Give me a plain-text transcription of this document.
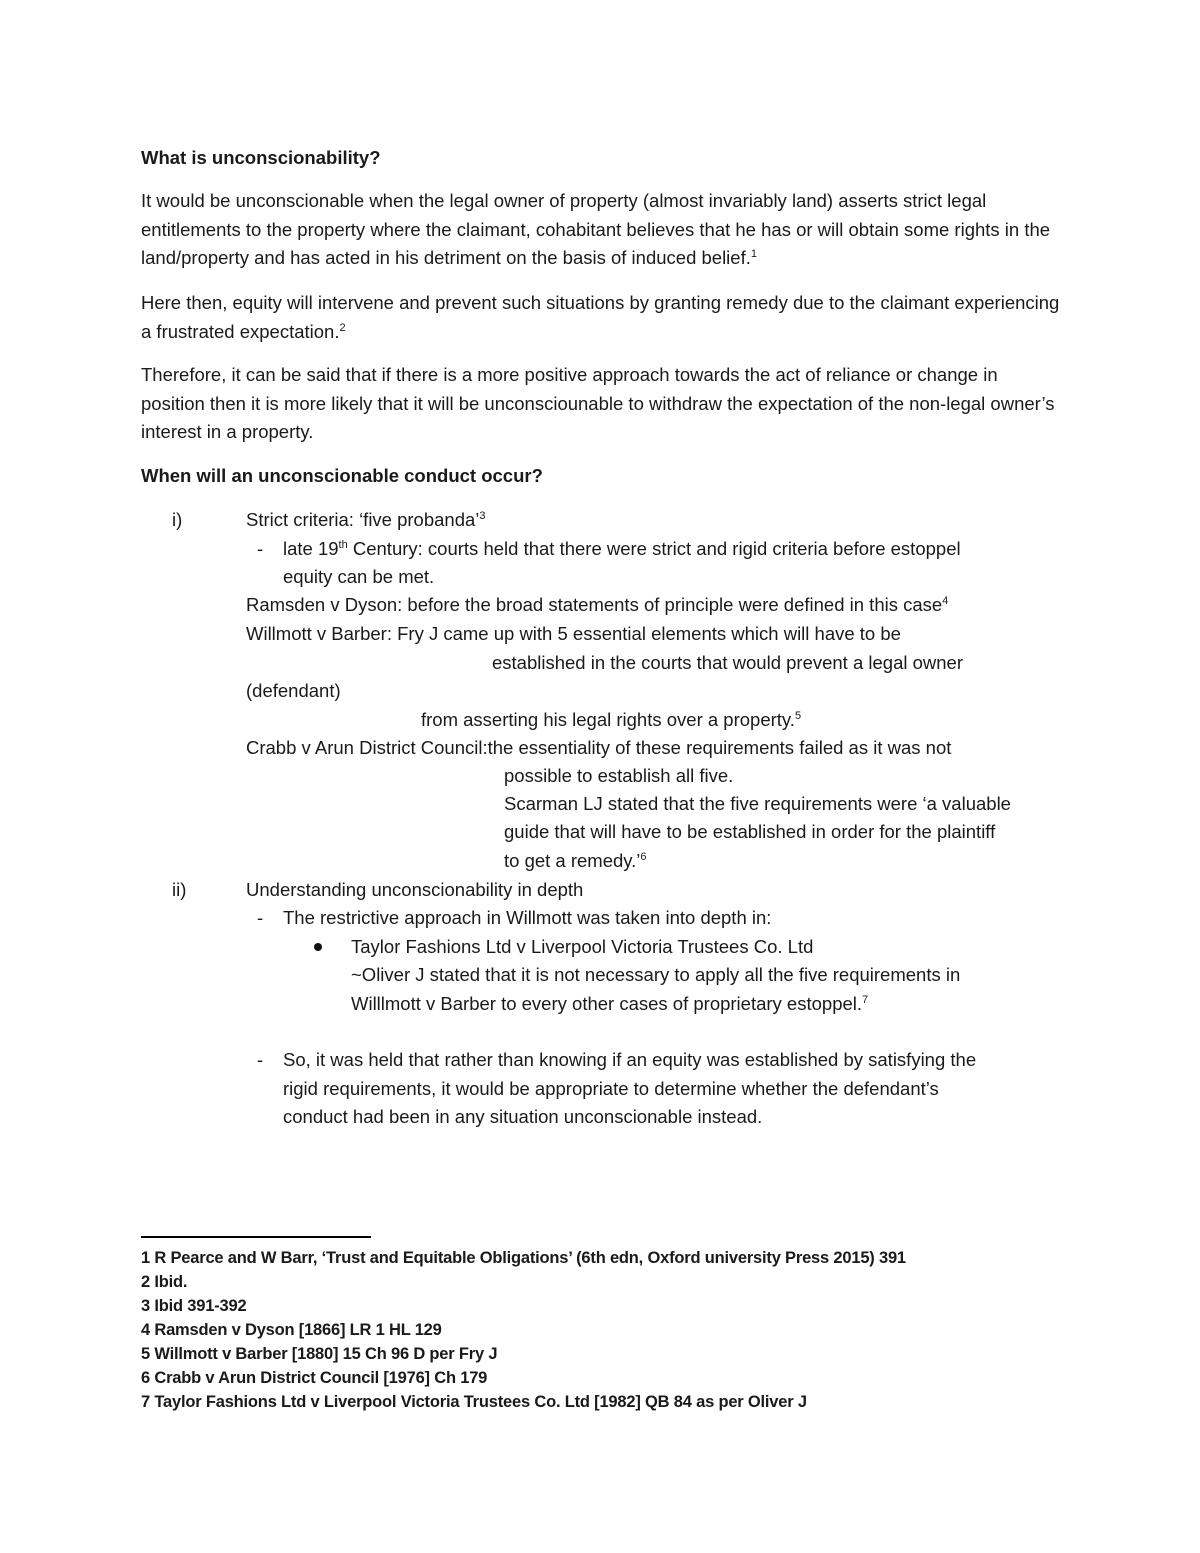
What is unconscionability?
It would be unconscionable when the legal owner of property (almost invariably land) asserts strict legal entitlements to the property where the claimant, cohabitant believes that he has or will obtain some rights in the land/property and has acted in his detriment on the basis of induced belief.$^1$
Here then, equity will intervene and prevent such situations by granting remedy due to the claimant experiencing a frustrated expectation.$^2$
Therefore, it can be said that if there is a more positive approach towards the act of reliance or change in position then it is more likely that it will be unconsciounable to withdraw the expectation of the non-legal owner’s interest in a property.
When will an unconscionable conduct occur?
i)	Strict criteria: ‘five probanda’$^3$
- late 19th Century: courts held that there were strict and rigid criteria before estoppel
equity can be met.
Ramsden v Dyson: before the broad statements of principle were defined in this case$^4$
Willmott v Barber: Fry J came up with 5 essential elements which will have to be
established in the courts that would prevent a legal owner
(defendant)
from asserting his legal rights over a property.$^5$
Crabb v Arun District Council:the essentiality of these requirements failed as it was not
possible to establish all five.
Scarman LJ stated that the five requirements were ‘a valuable
guide that will have to be established in order for the plaintiff
to get a remedy.’$^6$
ii)	Understanding unconscionability in depth
- The restrictive approach in Willmott was taken into depth in:
Taylor Fashions Ltd v Liverpool Victoria Trustees Co. Ltd
~Oliver J stated that it is not necessary to apply all the five requirements in
Willlmott v Barber to every other cases of proprietary estoppel.$^7$
- So, it was held that rather than knowing if an equity was established by satisfying the
rigid requirements, it would be appropriate to determine whether the defendant’s
conduct had been in any situation unconscionable instead.
1 R Pearce and W Barr, ‘Trust and Equitable Obligations’ (6th edn, Oxford university Press 2015) 391
2 Ibid.
3 Ibid 391-392
4 Ramsden v Dyson [1866] LR 1 HL 129
5 Willmott v Barber [1880] 15 Ch 96 D per Fry J
6 Crabb v Arun District Council [1976] Ch 179
7 Taylor Fashions Ltd v Liverpool Victoria Trustees Co. Ltd [1982] QB 84 as per Oliver J
